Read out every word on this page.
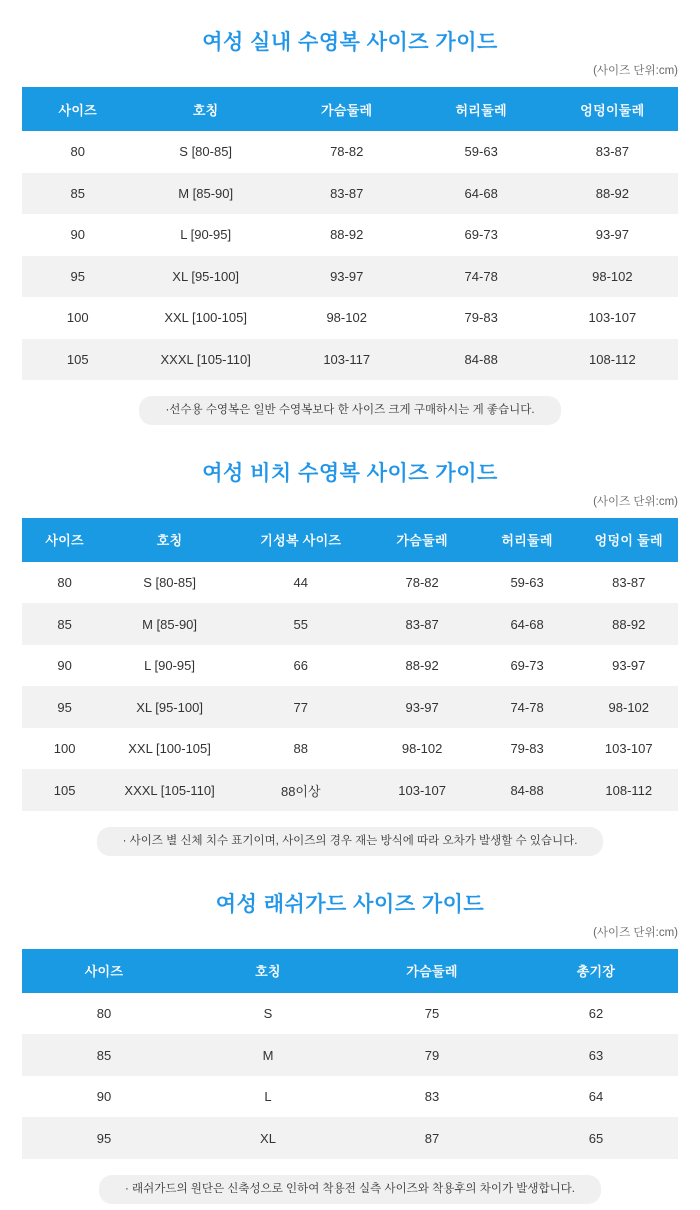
여성 실내 수영복 사이즈 가이드
(사이즈 단위:cm)
사이즈	호칭	가슴둘레	허리둘레	엉덩이둘레
80	S [80-85]	78-82	59-63	83-87
85	M [85-90]	83-87	64-68	88-92
90	L [90-95]	88-92	69-73	93-97
95	XL [95-100]	93-97	74-78	98-102
100	XXL [100-105]	98-102	79-83	103-107
105	XXXL [105-110]	103-117	84-88	108-112
·선수용 수영복은 일반 수영복보다 한 사이즈 크게 구매하시는 게 좋습니다.
여성 비치 수영복 사이즈 가이드
(사이즈 단위:cm)
사이즈	호칭	기성복 사이즈	가슴둘레	허리둘레	엉덩이 둘레
80	S [80-85]	44	78-82	59-63	83-87
85	M [85-90]	55	83-87	64-68	88-92
90	L [90-95]	66	88-92	69-73	93-97
95	XL [95-100]	77	93-97	74-78	98-102
100	XXL [100-105]	88	98-102	79-83	103-107
105	XXXL [105-110]	88이상	103-107	84-88	108-112
· 사이즈 별 신체 치수 표기이며, 사이즈의 경우 재는 방식에 따라 오차가 발생할 수 있습니다.
여성 래쉬가드 사이즈 가이드
(사이즈 단위:cm)
사이즈	호칭	가슴둘레	총기장
80	S	75	62
85	M	79	63
90	L	83	64
95	XL	87	65
· 래쉬가드의 원단은 신축성으로 인하여 착용전 실측 사이즈와 착용후의 차이가 발생합니다.
